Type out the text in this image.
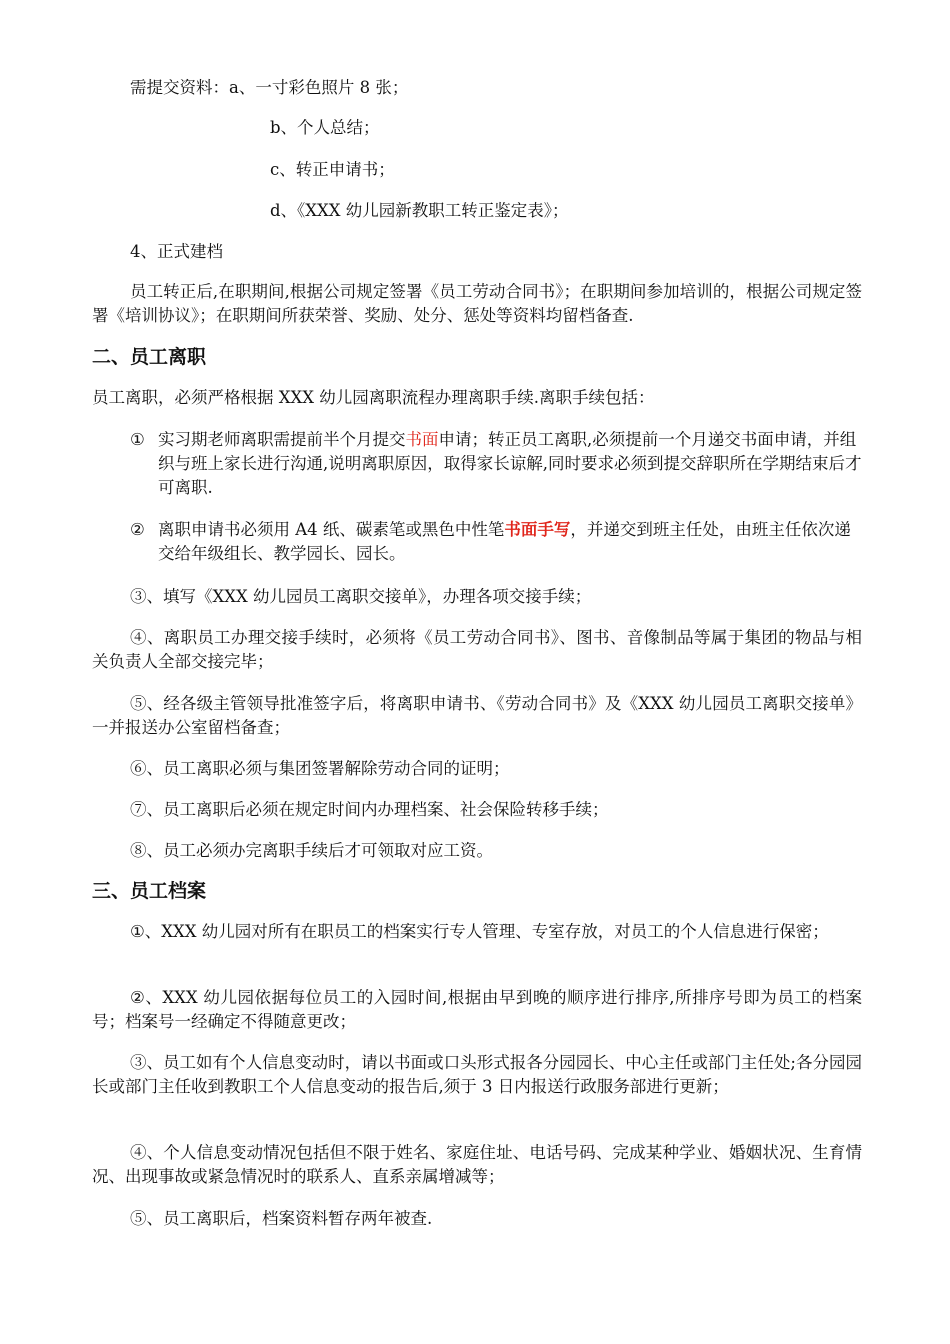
需提交资料：a、一寸彩色照片 8 张；

b、个人总结；

c、转正申请书；

d、《XXX 幼儿园新教职工转正鉴定表》；

4、正式建档

员工转正后,在职期间,根据公司规定签署《员工劳动合同书》；在职期间参加培训的，根据公司规定签署《培训协议》；在职期间所获荣誉、奖励、处分、惩处等资料均留档备查.

二、员工离职

员工离职，必须严格根据 XXX 幼儿园离职流程办理离职手续.离职手续包括：

① 实习期老师离职需提前半个月提交书面申请；转正员工离职,必须提前一个月递交书面申请，并组织与班上家长进行沟通,说明离职原因，取得家长谅解,同时要求必须到提交辞职所在学期结束后才可离职.
② 离职申请书必须用 A4 纸、碳素笔或黑色中性笔书面手写，并递交到班主任处，由班主任依次递交给年级组长、教学园长、园长。

③、填写《XXX 幼儿园员工离职交接单》，办理各项交接手续；

④、离职员工办理交接手续时，必须将《员工劳动合同书》、图书、音像制品等属于集团的物品与相关负责人全部交接完毕；

⑤、经各级主管领导批准签字后，将离职申请书、《劳动合同书》及《XXX 幼儿园员工离职交接单》一并报送办公室留档备查；

⑥、员工离职必须与集团签署解除劳动合同的证明；

⑦、员工离职后必须在规定时间内办理档案、社会保险转移手续；

⑧、员工必须办完离职手续后才可领取对应工资。

三、员工档案

①、XXX 幼儿园对所有在职员工的档案实行专人管理、专室存放，对员工的个人信息进行保密；

②、XXX 幼儿园依据每位员工的入园时间,根据由早到晚的顺序进行排序,所排序号即为员工的档案号；档案号一经确定不得随意更改；

③、员工如有个人信息变动时，请以书面或口头形式报各分园园长、中心主任或部门主任处;各分园园长或部门主任收到教职工个人信息变动的报告后,须于 3 日内报送行政服务部进行更新；

④、个人信息变动情况包括但不限于姓名、家庭住址、电话号码、完成某种学业、婚姻状况、生育情况、出现事故或紧急情况时的联系人、直系亲属增减等；

⑤、员工离职后，档案资料暂存两年被查.
